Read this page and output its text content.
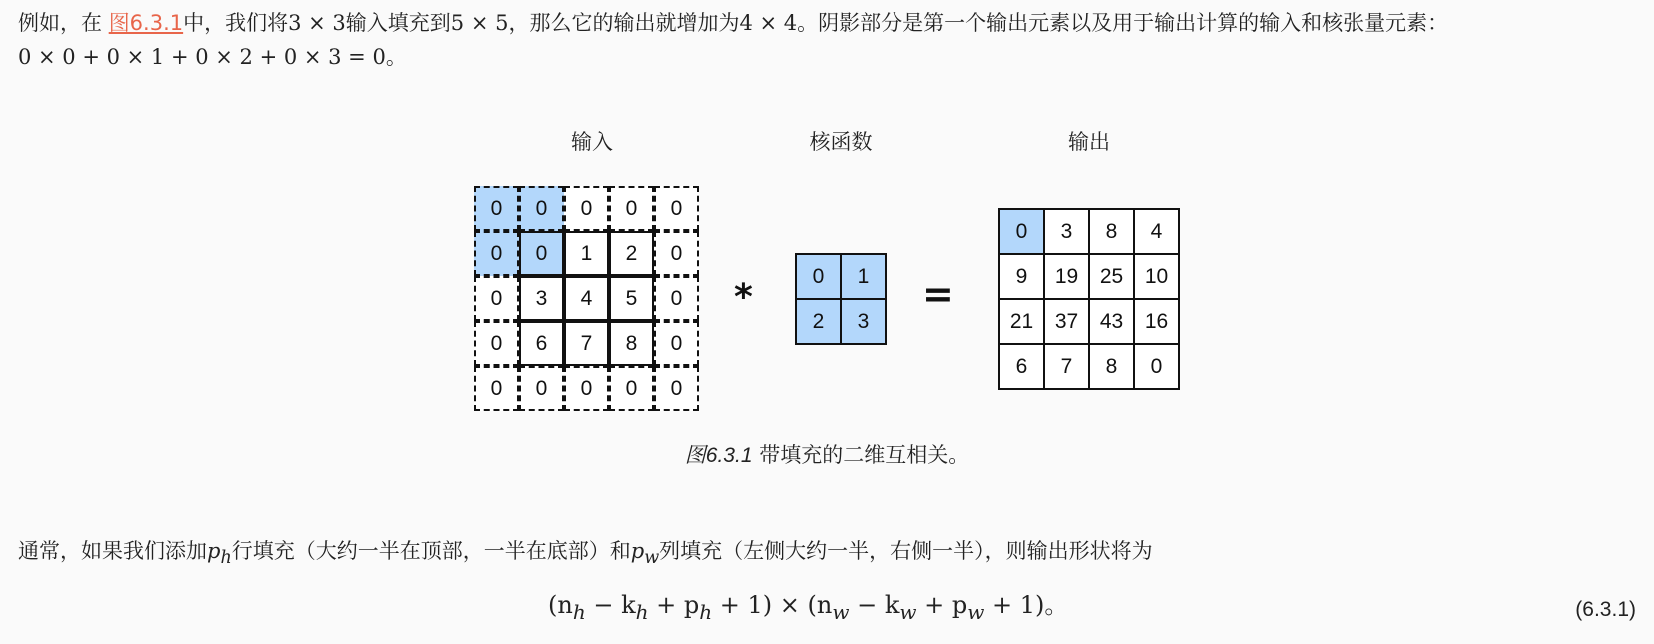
例如，在 图6.3.1中，我们将3 × 3输入填充到5 × 5，那么它的输出就增加为4 × 4。阴影部分是第一个输出元素以及用于输出计算的输入和核张量元素：
0 × 0 + 0 × 1 + 0 × 2 + 0 × 3 = 0。
输入	核函数	输出
0	0	0	0	0
0	0	1	2	0
0	3	4	5	0
0	6	7	8	0
0	0	0	0	0
*
0	1
2	3
=
0	3	8	4
9	19	25	10
21	37	43	16
6	7	8	0
图6.3.1 带填充的二维互相关。
通常，如果我们添加$p_h$行填充（大约一半在顶部，一半在底部）和$p_w$列填充（左侧大约一半，右侧一半），则输出形状将为
$(n_h - k_h + p_h + 1) \times (n_w - k_w + p_w + 1)$。	(6.3.1)
